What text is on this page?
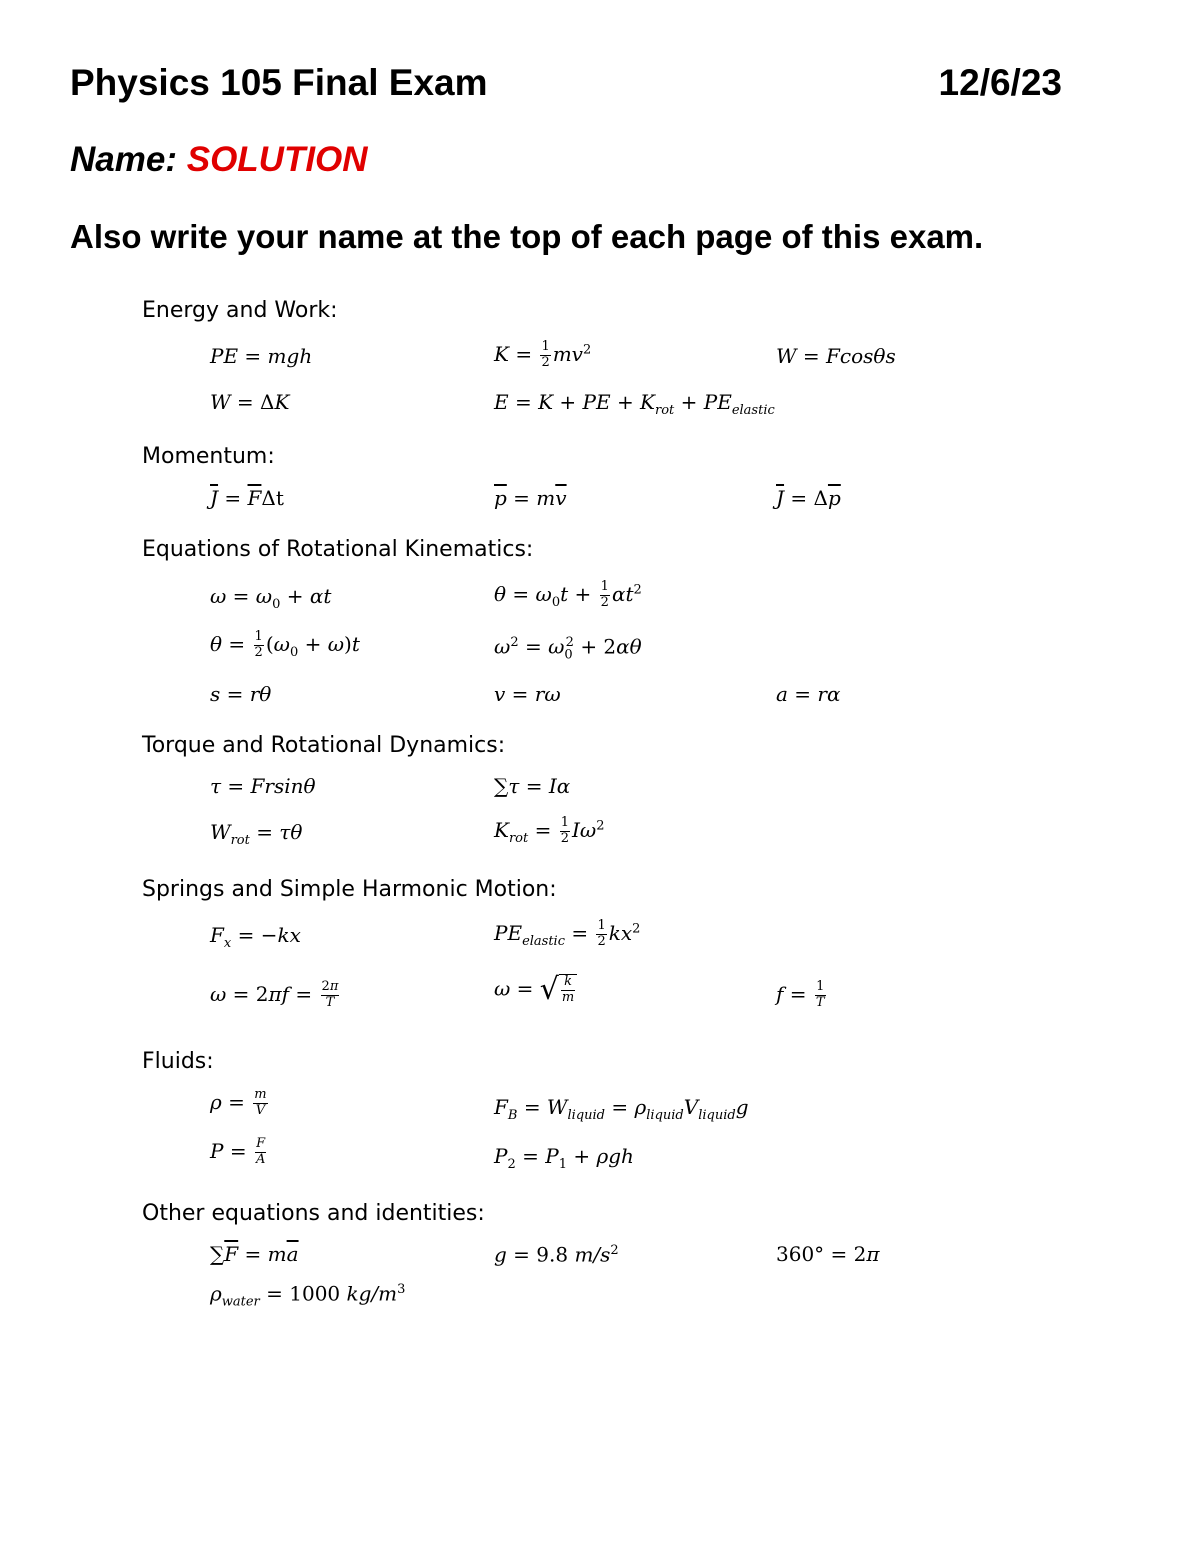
Physics 105 Final Exam	12/6/23
Name: SOLUTION
Also write your name at the top of each page of this exam.
Energy and Work:
PE = mgh	$K = \frac{1}{2} mv^2$	W = Fcosθs
W = ΔK	E = K + PE + $K_{rot} + PE_{elastic}$
Momentum:
$\overline{J} = \overline{F}\Delta t$	$\overline{p} = m\overline{v}$	$\overline{J} = \Delta\overline{p}$
Equations of Rotational Kinematics:
$\omega = \omega_0 + \alpha t$	$\theta = \omega_0t + \frac{1}{2} \alpha t^2$
$\theta = \frac{1}{2} (\omega_0 + \omega)t$	$\omega^2 = \omega_0^2 + 2\alpha\theta$
s = rθ	v = rω	a = rα
Torque and Rotational Dynamics:
τ = Frsinθ	∑τ = Iα
$W_{rot} = \tau\theta$	$K_{rot} = \frac{1}{2} I\omega^2$
Springs and Simple Harmonic Motion:
$F_x = -kx$	$PE_{elastic} = \frac{1}{2} kx^2$
$\omega = 2\pi f = \frac{2\pi}{T}$	ω = √ $\frac{k}{m}$	$f = \frac{1}{T}$
Fluids:
$\rho = \frac{m}{V}$	$F_B = W_{liquid} = \rho_{liquid}V_{liquid}g$
$P = \frac{F}{A}$	$P_2 = P_1 + \rho gh$
Other equations and identities:
$\sum\overline{F} = m\overline{a}$	g = 9.8 $m/s^2$	360° = 2π
$\rho_{water} = 1000$ $kg/m^3$
